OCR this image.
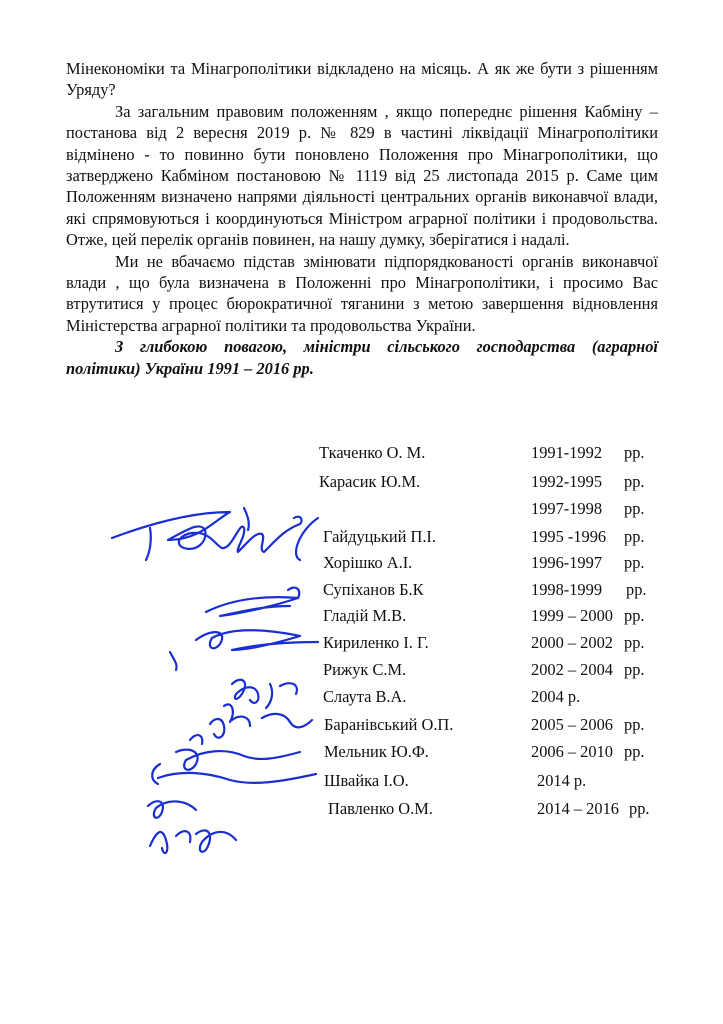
Мінекономіки та Мінагрополітики відкладено на місяць. А як же бути з рішенням Уряду?

За загальним правовим положенням , якщо попереднє рішення Кабміну – постанова від 2 вересня 2019 р. № 829 в частині ліквідації Мінагрополітики відмінено - то повинно бути поновлено Положення про Мінагрополітики, що затверджено Кабміном постановою № 1119 від 25 листопада 2015 р. Саме цим Положенням визначено напрями діяльності центральних органів виконавчої влади, які спрямовуються і координуються Міністром аграрної політики і продовольства. Отже, цей перелік органів повинен, на нашу думку, зберігатися і надалі.

Ми не вбачаємо підстав змінювати підпорядкованості органів виконавчої влади , що була визначена в Положенні про Мінагрополітики, і просимо Вас втрутитися у процес бюрократичної тяганини з метою завершення відновлення Міністерства аграрної політики та продовольства України.

З глибокою повагою, міністри сільського господарства (аграрної політики) України 1991 – 2016 рр.

Ткаченко О. М.	1991-1992 рр.
Карасик Ю.М.	1992-1995 рр.
1997-1998 рр.
Гайдуцький П.І.	1995 -1996 рр.
Хорішко А.І.	1996-1997 рр.
Супіханов Б.К	1998-1999 рр.
Гладій М.В.	1999 – 2000 рр.
Кириленко І. Г.	2000 – 2002 рр.
Рижук С.М.	2002 – 2004 рр.
Слаута В.А.	2004 р.
Баранівський О.П.	2005 – 2006 рр.
Мельник Ю.Ф.	2006 – 2010 рр.
Швайка І.О.	2014 р.
Павленко О.М.	2014 – 2016 рр.
